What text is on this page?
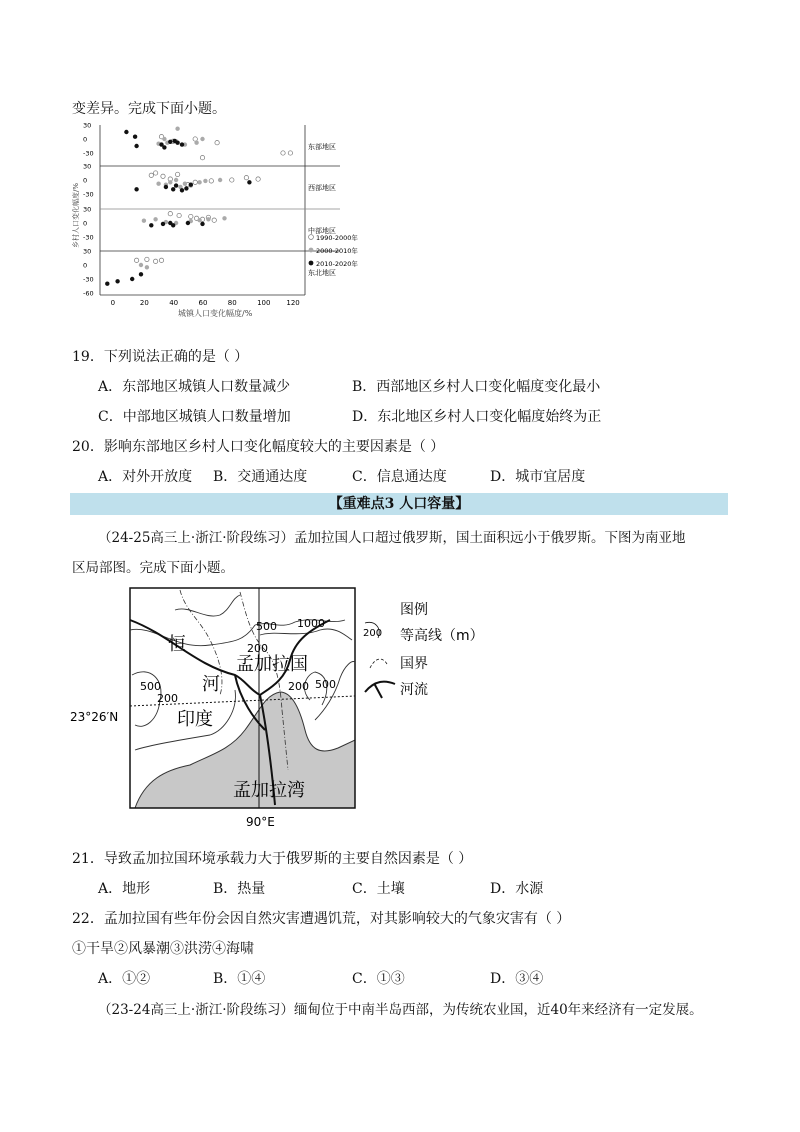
变差异。完成下面小题。
乡村人口变化幅度/%
城镇人口变化幅度/%
0	20	40	60	80	100 120
30
0
-30
30
0
-30
30
0
-30
30
0
-30
-60
东部地区
西部地区
中部地区
东北地区
1990-2000年
2000-2010年
2010-2020年
19．下列说法正确的是（ ）
A．东部地区城镇人口数量减少	B．西部地区乡村人口变化幅度变化最小
C．中部地区城镇人口数量增加	D．东北地区乡村人口变化幅度始终为正
20．影响东部地区乡村人口变化幅度较大的主要因素是（ ）
A．对外开放度 B．交通通达度	C．信息通达度	D．城市宜居度
【重难点3 人口容量】
（24-25高三上·浙江·阶段练习）孟加拉国人口超过俄罗斯，国土面积远小于俄罗斯。下图为南亚地
区局部图。完成下面小题。
恒
河
印度
孟加拉国
孟加拉湾
500 1000
200
200
500	200 500
23°26′N
90°E
图例
200 等高线（m）
国界
河流
21．导致孟加拉国环境承载力大于俄罗斯的主要自然因素是（ ）
A．地形	B．热量	C．土壤	D．水源
22．孟加拉国有些年份会因自然灾害遭遇饥荒，对其影响较大的气象灾害有（ ）
①干旱②风暴潮③洪涝④海啸
A．①②	B．①④	C．①③	D．③④
（23-24高三上·浙江·阶段练习）缅甸位于中南半岛西部，为传统农业国，近40年来经济有一定发展。
